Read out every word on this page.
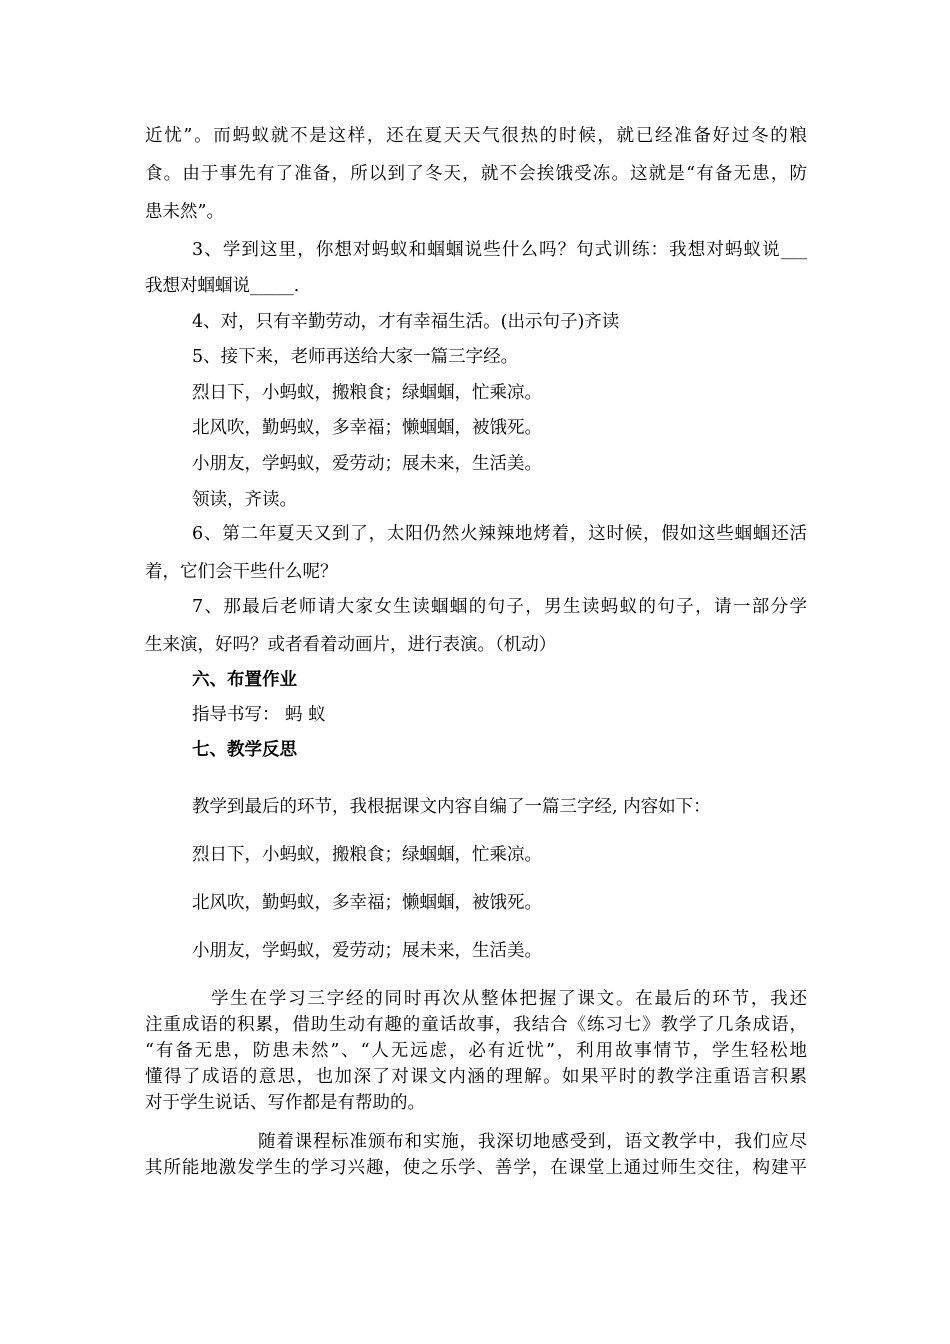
近忧”。而蚂蚁就不是这样，还在夏天天气很热的时候，就已经准备好过冬的粮

食。由于事先有了准备，所以到了冬天，就不会挨饿受冻。这就是“有备无患，防

患未然”。

3、学到这里，你想对蚂蚁和蝈蝈说些什么吗？句式训练：我想对蚂蚁说___

我想对蝈蝈说_____.

4、对，只有辛勤劳动，才有幸福生活。(出示句子)齐读

5、接下来，老师再送给大家一篇三字经。

烈日下，小蚂蚁，搬粮食；绿蝈蝈，忙乘凉。

北风吹，勤蚂蚁，多幸福；懒蝈蝈，被饿死。

小朋友，学蚂蚁，爱劳动；展未来，生活美。

领读，齐读。

6、第二年夏天又到了，太阳仍然火辣辣地烤着，这时候，假如这些蝈蝈还活

着，它们会干些什么呢？

7、那最后老师请大家女生读蝈蝈的句子，男生读蚂蚁的句子，请一部分学

生来演，好吗？或者看着动画片，进行表演。（机动）

六、布置作业

指导书写： 蚂 蚁

七、教学反思

教学到最后的环节，我根据课文内容自编了一篇三字经, 内容如下：

烈日下，小蚂蚁，搬粮食；绿蝈蝈，忙乘凉。

北风吹，勤蚂蚁，多幸福；懒蝈蝈，被饿死。

小朋友，学蚂蚁，爱劳动；展未来，生活美。

学生在学习三字经的同时再次从整体把握了课文。在最后的环节，我还

注重成语的积累，借助生动有趣的童话故事，我结合《练习七》教学了几条成语，

“有备无患，防患未然”、“人无远虑，必有近忧”，利用故事情节，学生轻松地

懂得了成语的意思，也加深了对课文内涵的理解。如果平时的教学注重语言积累

对于学生说话、写作都是有帮助的。

随着课程标准颁布和实施，我深切地感受到，语文教学中，我们应尽

其所能地激发学生的学习兴趣，使之乐学、善学，在课堂上通过师生交往，构建平
